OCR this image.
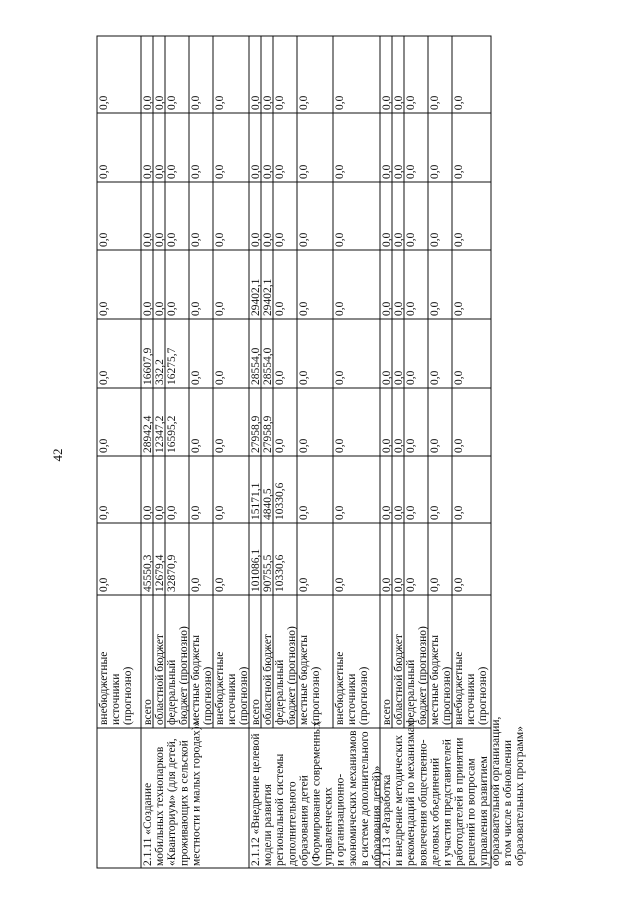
42
внебюджетные источники (прогнозно)
0,0
0,0
0,0
0,0
0,0
0,0
0,0
0,0
2.1.11 «Создание мобильных технопарков «Кванториум» (для детей, проживающих в сельской местности и малых городах)»
всего
45550,3
0,0
28942,4
16607,9
0,0
0,0
0,0
0,0
областной бюджет
12679,4
0,0
12347,2
332,2
0,0
0,0
0,0
0,0
федеральный бюджет (прогнозно)
32870,9
0,0
16595,2
16275,7
0,0
0,0
0,0
0,0
местные бюджеты (прогнозно)
0,0
0,0
0,0
0,0
0,0
0,0
0,0
0,0
внебюджетные источники (прогнозно)
0,0
0,0
0,0
0,0
0,0
0,0
0,0
0,0
2.1.12 «Внедрение целевой модели развития региональной системы дополнительного образования детей (Формирование современных управленческих и организационно- экономических механизмов в системе дополнительного образования детей)»
всего
101086,1
15171,1
27958,9
28554,0
29402,1
0,0
0,0
0,0
областной бюджет
90755,5
4840,5
27958,9
28554,0
29402,1
0,0
0,0
0,0
федеральный бюджет (прогнозно)
10330,6
10330,6
0,0
0,0
0,0
0,0
0,0
0,0
местные бюджеты (прогнозно)
0,0
0,0
0,0
0,0
0,0
0,0
0,0
0,0
внебюджетные источники (прогнозно)
0,0
0,0
0,0
0,0
0,0
0,0
0,0
0,0
2.1.13 «Разработка и внедрение методических рекомендаций по механизмам вовлечения общественно- деловых объединений и участия представителей работодателей в принятии решений по вопросам управления развитием образовательной организации, в том числе в обновлении образовательных программ»
всего
0,0
0,0
0,0
0,0
0,0
0,0
0,0
0,0
областной бюджет
0,0
0,0
0,0
0,0
0,0
0,0
0,0
0,0
федеральный бюджет (прогнозно)
0,0
0,0
0,0
0,0
0,0
0,0
0,0
0,0
местные бюджеты (прогнозно)
0,0
0,0
0,0
0,0
0,0
0,0
0,0
0,0
внебюджетные источники (прогнозно)
0,0
0,0
0,0
0,0
0,0
0,0
0,0
0,0
